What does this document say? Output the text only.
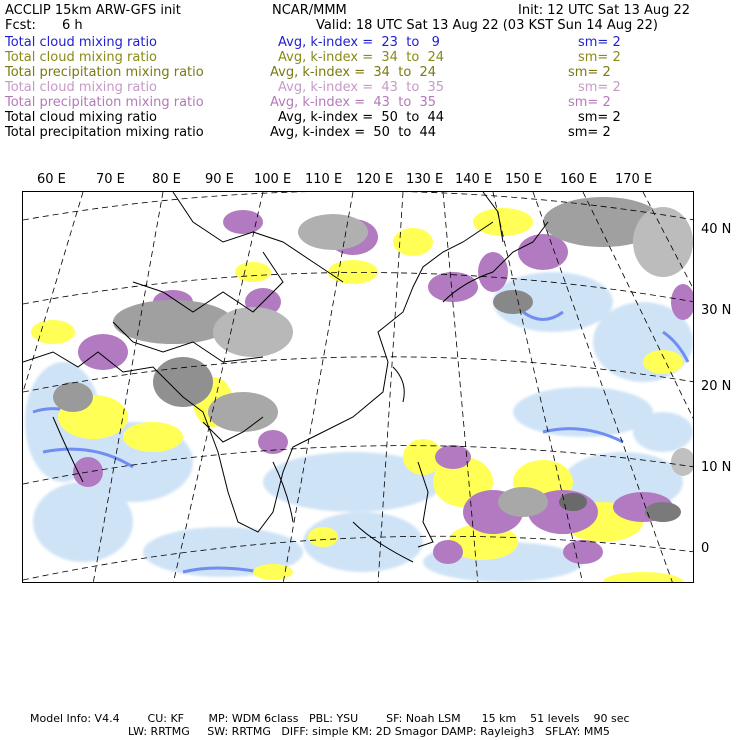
ACCLIP 15km ARW-GFS init	NCAR/MMM	Init: 12 UTC Sat 13 Aug 22
Fcst: 6 h	Valid: 18 UTC Sat 13 Aug 22 (03 KST Sun 14 Aug 22)
Total cloud mixing ratio	Avg, k-index =  23  to   9	sm= 2
Total cloud mixing ratio	Avg, k-index =  34  to  24	sm= 2
Total precipitation mixing ratio	Avg, k-index =  34  to  24	sm= 2
Total cloud mixing ratio	Avg, k-index =  43  to  35	sm= 2
Total precipitation mixing ratio	Avg, k-index =  43  to  35	sm= 2
Total cloud mixing ratio	Avg, k-index =  50  to  44	sm= 2
Total precipitation mixing ratio	Avg, k-index =  50  to  44	sm= 2
60 E 70 E 80 E 90 E 100 E 110 E 120 E 130 E 140 E 150 E 160 E 170 E
40 N
30 N
20 N
10 N
0
Model Info: V4.4        CU: KF       MP: WDM 6class   PBL: YSU        SF: Noah LSM      15 km    51 levels    90 sec
LW: RRTMG     SW: RRTMG   DIFF: simple KM: 2D Smagor DAMP: Rayleigh3   SFLAY: MM5
